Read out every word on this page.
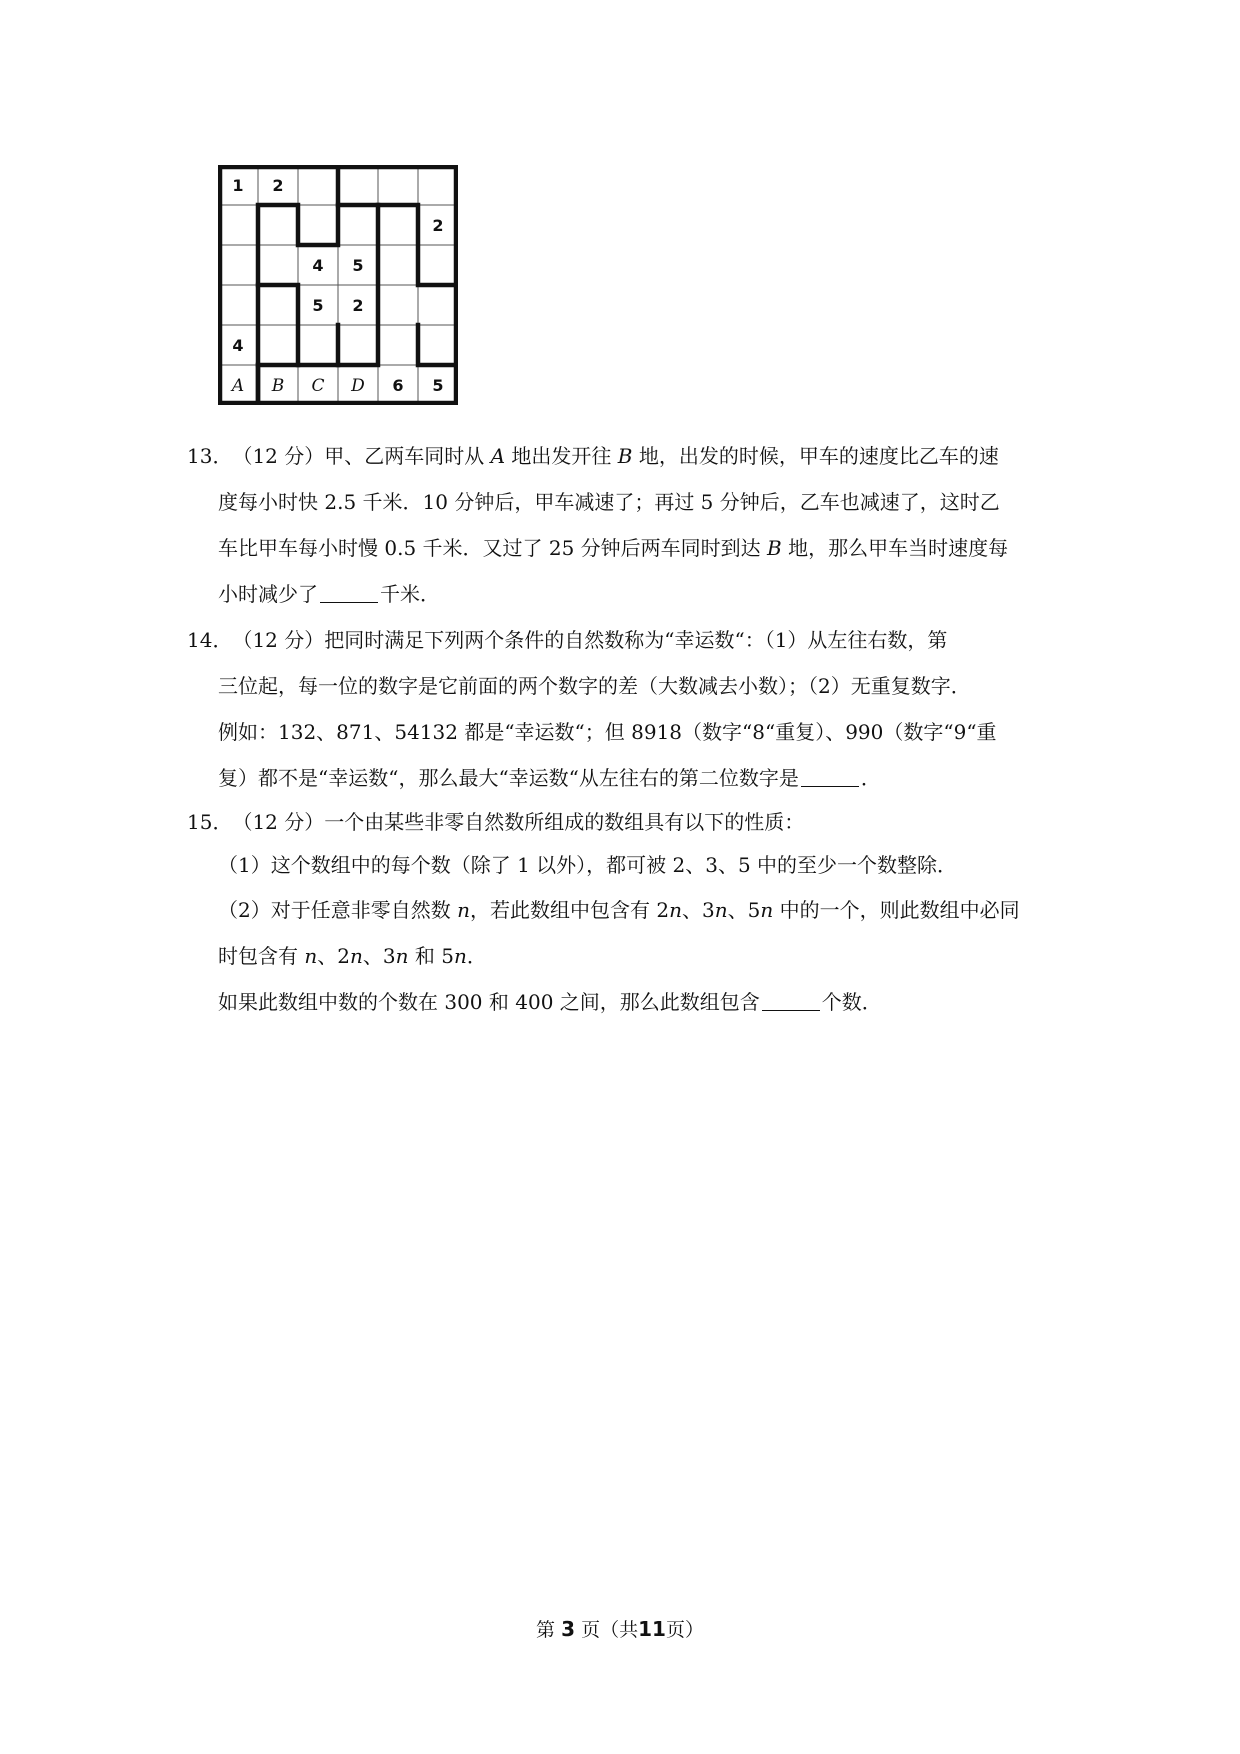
1 2
2
4 5
5 2
4
A B C D 6 5
13．（12 分）甲、乙两车同时从 A 地出发开往 B 地，出发的时候，甲车的速度比乙车的速
度每小时快 2.5 千米．10 分钟后，甲车减速了；再过 5 分钟后，乙车也减速了，这时乙
车比甲车每小时慢 0.5 千米．又过了 25 分钟后两车同时到达 B 地，那么甲车当时速度每
小时减少了	千米．
14．（12 分）把同时满足下列两个条件的自然数称为“幸运数“：（1）从左往右数，第
三位起，每一位的数字是它前面的两个数字的差（大数减去小数）；（2）无重复数字．
例如：132、871、54132 都是“幸运数“；但 8918（数字“8“重复）、990（数字“9“重
复）都不是“幸运数“，那么最大“幸运数“从左往右的第二位数字是	．
15．（12 分）一个由某些非零自然数所组成的数组具有以下的性质：
（1）这个数组中的每个数（除了 1 以外），都可被 2、3、5 中的至少一个数整除．
（2）对于任意非零自然数 n，若此数组中包含有 2n、3n、5n 中的一个，则此数组中必同
时包含有 n、2n、3n 和 5n．
如果此数组中数的个数在 300 和 400 之间，那么此数组包含	个数．
第 3 页（共11页）
